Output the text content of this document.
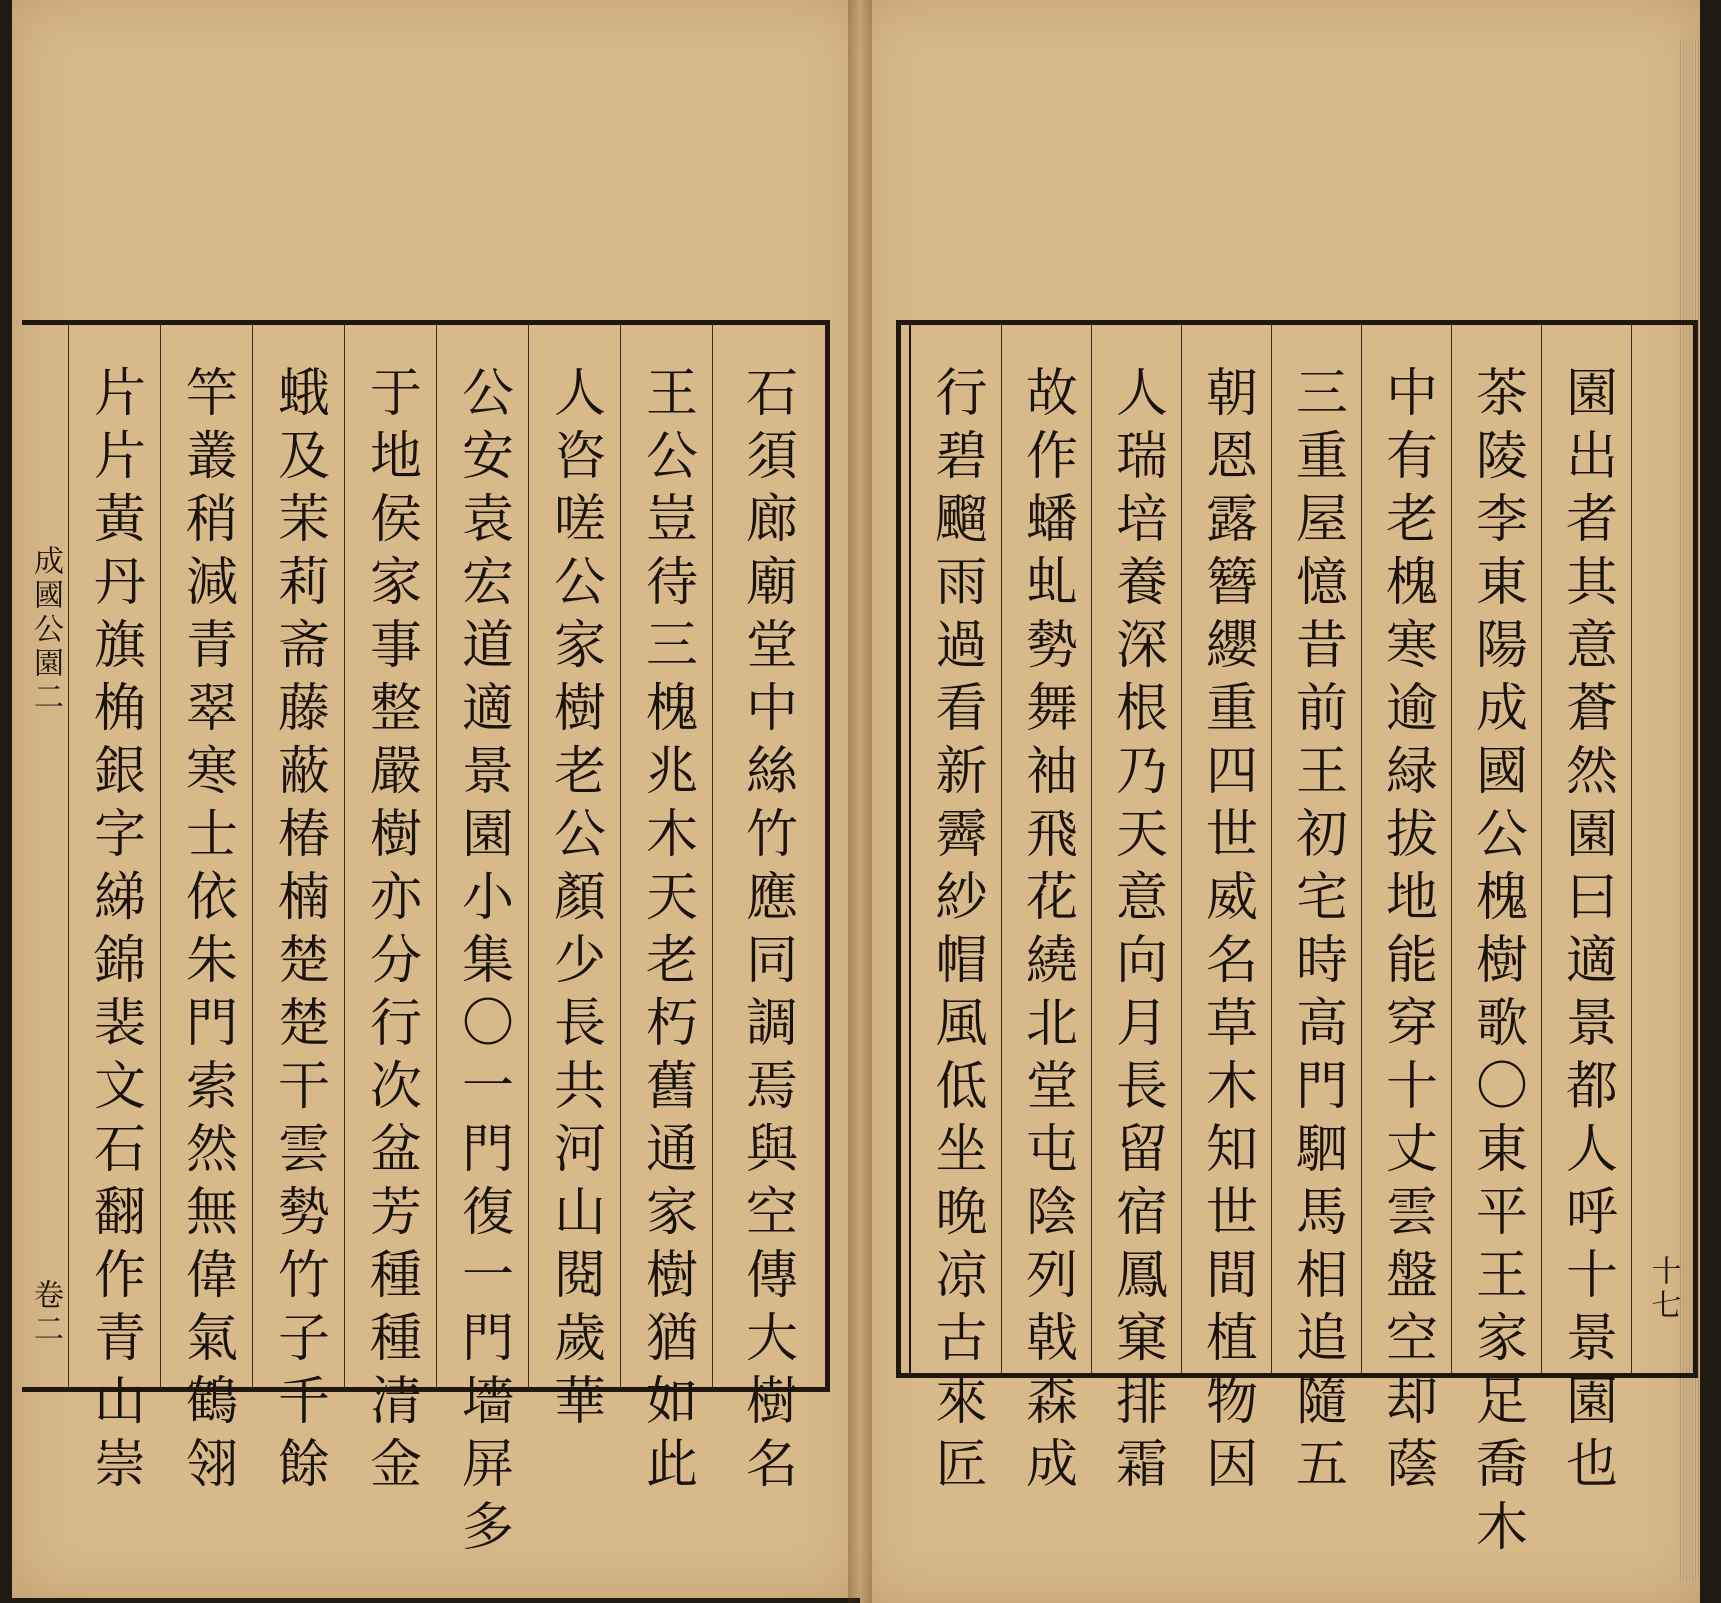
成國公園二
卷二 片片黃丹旗桷銀字綈錦裴文石翻作青山崇 竿叢稍減青翠寒士依朱門索然無偉氣鶴翎 蛾及茉莉斋藤蔽椿楠楚楚干雲勢竹子千餘 于地侯家事整嚴樹亦分行次盆芳種種清金 公安袁宏道適景園小集〇一門復一門墻屏多 人咨嗟公家樹老公顏少長共河山閱歲華 王公豈待三槐兆木天老朽舊通家樹猶如此 石須廊廟堂中絲竹應同調焉與空傳大樹名 行碧飀雨過看新霽紗帽風低坐晚凉古來匠 故作蟠虬勢舞袖飛花繞北堂屯陰列戟森成 人瑞培養深根乃天意向月長留宿鳳窠排霜 朝恩露簪纓重四世威名草木知世間植物因 三重屋憶昔前王初宅時高門駟馬相追隨五 中有老槐寒逾緑拔地能穿十丈雲盤空却蔭 茶陵李東陽成國公槐樹歌〇東平王家足喬木 園出者其意蒼然園曰適景都人呼十景園也 十七
